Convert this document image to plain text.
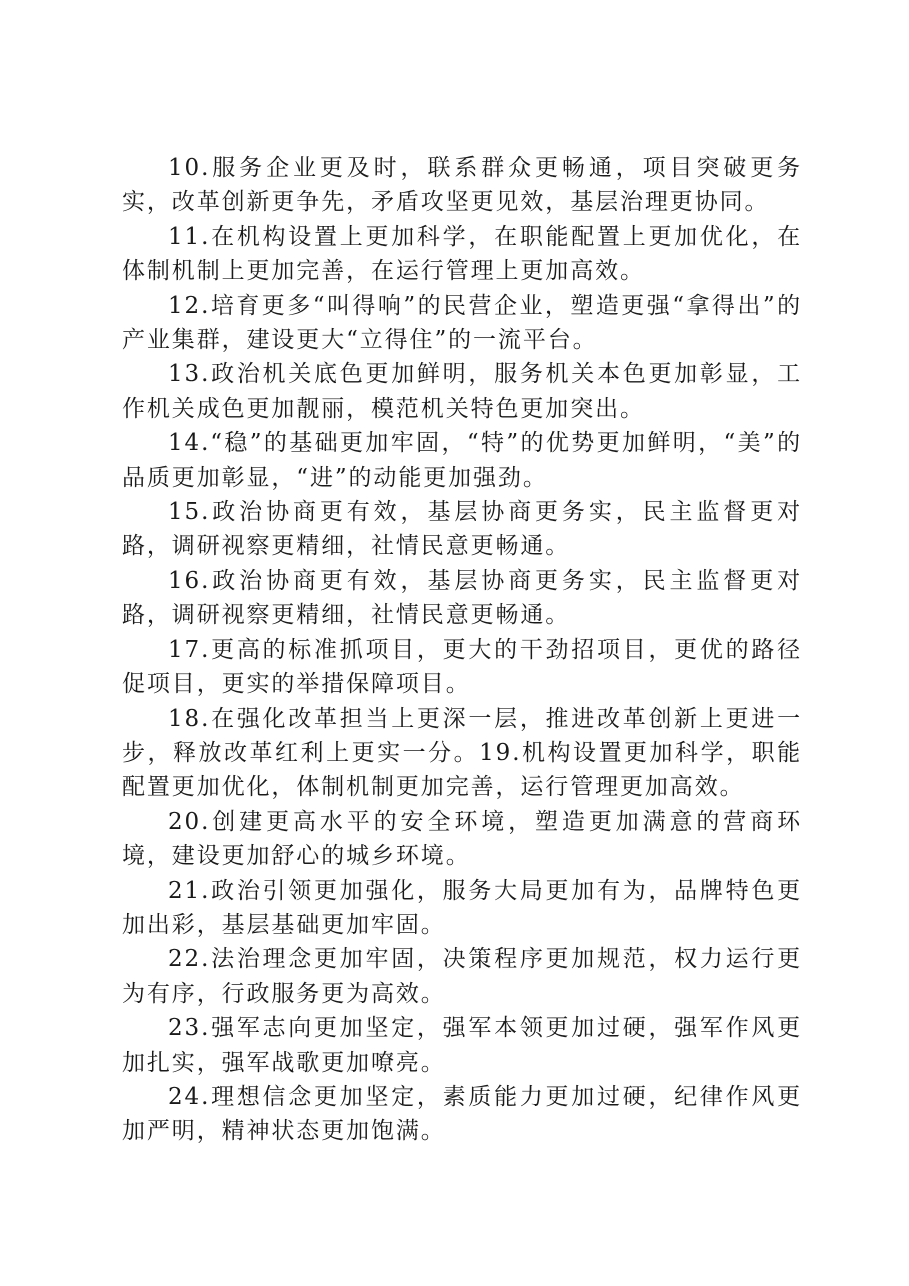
10.服务企业更及时，联系群众更畅通，项目突破更务实，改革创新更争先，矛盾攻坚更见效，基层治理更协同。

11.在机构设置上更加科学，在职能配置上更加优化，在体制机制上更加完善，在运行管理上更加高效。

12.培育更多“叫得响”的民营企业，塑造更强“拿得出”的产业集群，建设更大“立得住”的一流平台。

13.政治机关底色更加鲜明，服务机关本色更加彰显，工作机关成色更加靓丽，模范机关特色更加突出。

14.“稳”的基础更加牢固，“特”的优势更加鲜明，“美”的品质更加彰显，“进”的动能更加强劲。

15.政治协商更有效，基层协商更务实，民主监督更对路，调研视察更精细，社情民意更畅通。

16.政治协商更有效，基层协商更务实，民主监督更对路，调研视察更精细，社情民意更畅通。

17.更高的标准抓项目，更大的干劲招项目，更优的路径促项目，更实的举措保障项目。

18.在强化改革担当上更深一层，推进改革创新上更进一步，释放改革红利上更实一分。19.机构设置更加科学，职能配置更加优化，体制机制更加完善，运行管理更加高效。

20.创建更高水平的安全环境，塑造更加满意的营商环境，建设更加舒心的城乡环境。

21.政治引领更加强化，服务大局更加有为，品牌特色更加出彩，基层基础更加牢固。

22.法治理念更加牢固，决策程序更加规范，权力运行更为有序，行政服务更为高效。

23.强军志向更加坚定，强军本领更加过硬，强军作风更加扎实，强军战歌更加嘹亮。

24.理想信念更加坚定，素质能力更加过硬，纪律作风更加严明，精神状态更加饱满。
